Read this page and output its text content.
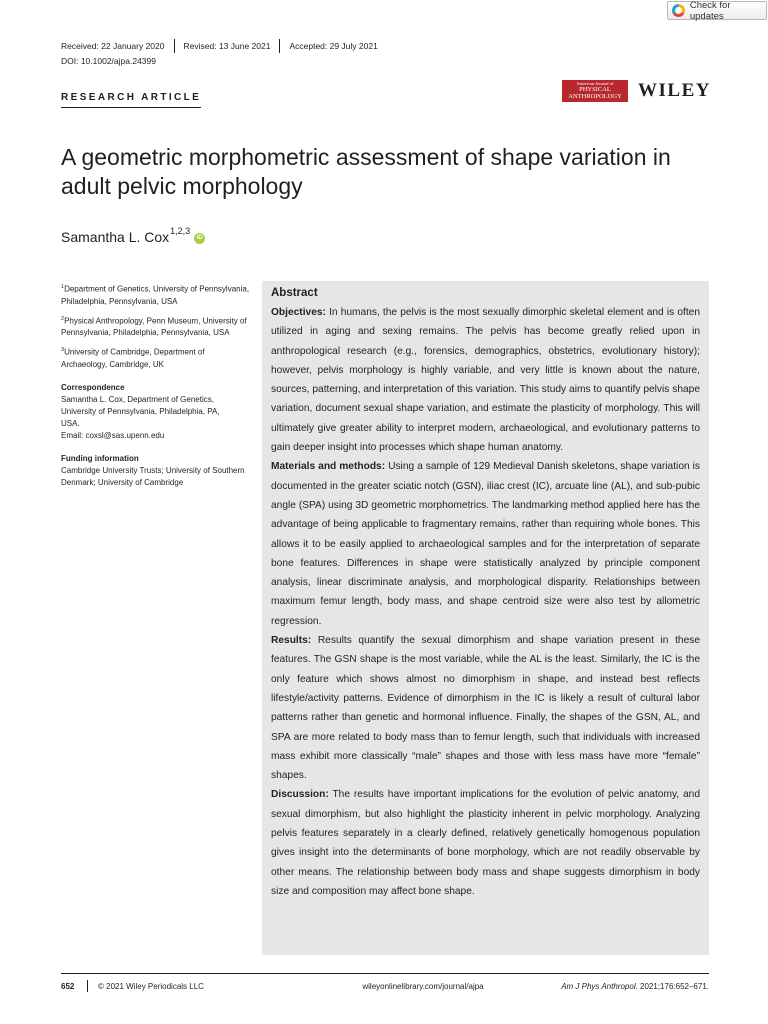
Check for updates
Received: 22 January 2020 Revised: 13 June 2021 Accepted: 29 July 2021
DOI: 10.1002/ajpa.24399
RESEARCH ARTICLE
American Journal of
PHYSICAL
ANTHROPOLOGY WILEY
A geometric morphometric assessment of shape variation in adult pelvic morphology
Samantha L. Cox$^{1,2,3}$
iD
$^1$Department of Genetics, University of Pennsylvania, Philadelphia, Pennsylvania, USA
$^2$Physical Anthropology, Penn Museum, University of Pennsylvania, Philadelphia, Pennsylvania, USA
$^3$University of Cambridge, Department of Archaeology, Cambridge, UK
Correspondence
Samantha L. Cox, Department of Genetics,
University of Pennsylvania, Philadelphia, PA,
USA.
Email: coxsl@sas.upenn.edu
Funding information
Cambridge University Trusts; University of Southern Denmark; University of Cambridge
Abstract

Objectives: In humans, the pelvis is the most sexually dimorphic skeletal element and is often utilized in aging and sexing remains. The pelvis has become greatly relied upon in anthropological research (e.g., forensics, demographics, obstetrics, evolutionary history); however, pelvis morphology is highly variable, and very little is known about the nature, sources, patterning, and interpretation of this variation. This study aims to quantify pelvis shape variation, document sexual shape variation, and estimate the plasticity of morphology. This will ultimately give greater ability to interpret modern, archaeological, and evolutionary patterns to gain deeper insight into processes which shape human anatomy.

Materials and methods: Using a sample of 129 Medieval Danish skeletons, shape variation is documented in the greater sciatic notch (GSN), iliac crest (IC), arcuate line (AL), and sub-pubic angle (SPA) using 3D geometric morphometrics. The landmarking method applied here has the advantage of being applicable to fragmentary remains, rather than requiring whole bones. This allows it to be easily applied to archaeological samples and for the interpretation of separate bone features. Differences in shape were statistically analyzed by principle component analysis, linear discriminate analysis, and morphological disparity. Relationships between maximum femur length, body mass, and shape centroid size were also test by allometric regression.

Results: Results quantify the sexual dimorphism and shape variation present in these features. The GSN shape is the most variable, while the AL is the least. Similarly, the IC is the only feature which shows almost no dimorphism in shape, and instead best reflects lifestyle/activity patterns. Evidence of dimorphism in the IC is likely a result of cultural labor patterns rather than genetic and hormonal influence. Finally, the shapes of the GSN, AL, and SPA are more related to body mass than to femur length, such that individuals with increased mass exhibit more classically “male” shapes and those with less mass have more “female” shapes.

Discussion: The results have important implications for the evolution of pelvic anatomy, and sexual dimorphism, but also highlight the plasticity inherent in pelvic morphology. Analyzing pelvis features separately in a clearly defined, relatively genetically homogenous population gives insight into the determinants of bone morphology, which are not readily observable by other means. The relationship between body mass and shape suggests dimorphism in body size and composition may affect bone shape.

652	© 2021 Wiley Periodicals LLC	wileyonlinelibrary.com/journal/ajpa	Am J Phys Anthropol. 2021;176:652–671.
